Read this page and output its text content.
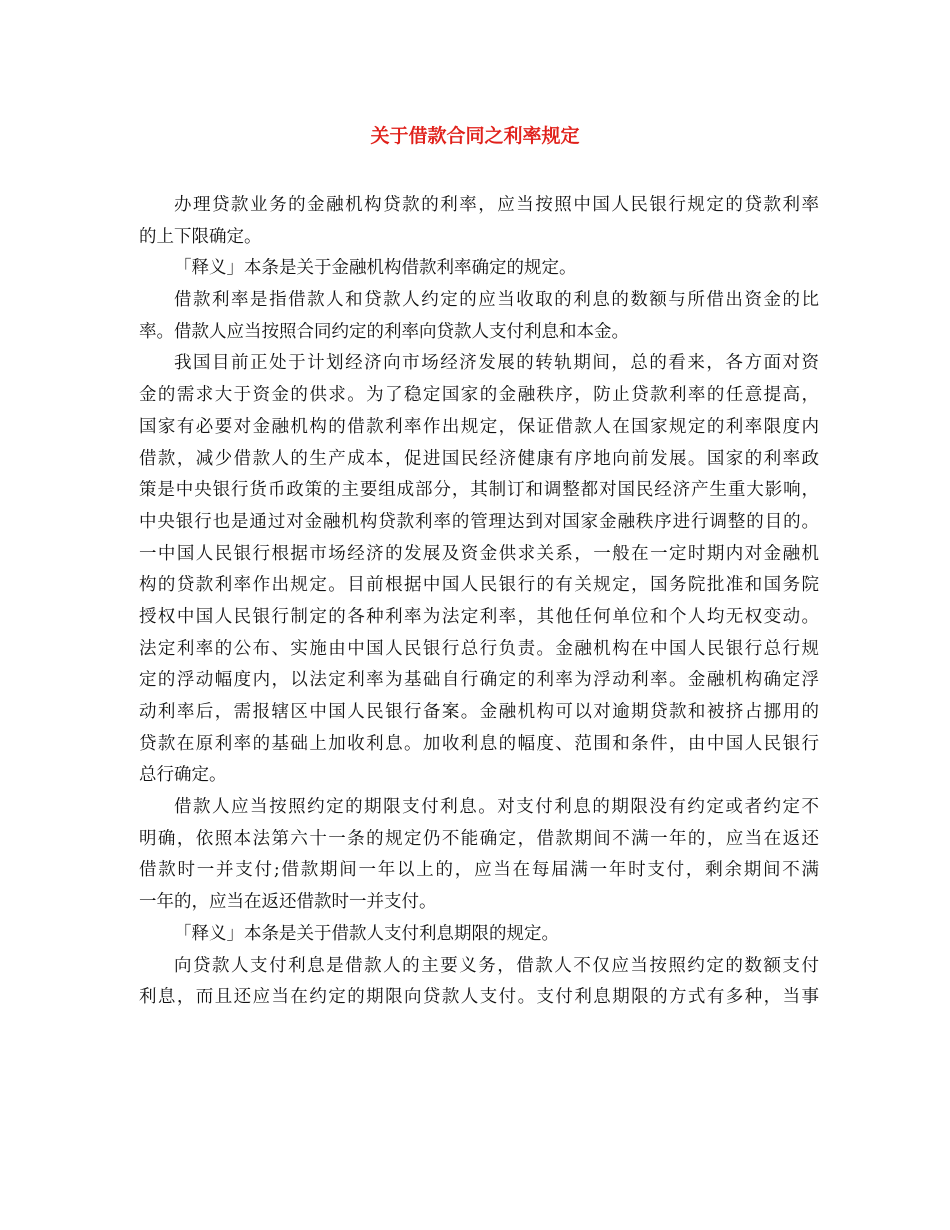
关于借款合同之利率规定
办理贷款业务的金融机构贷款的利率，应当按照中国人民银行规定的贷款利率
的上下限确定。
「释义」本条是关于金融机构借款利率确定的规定。
借款利率是指借款人和贷款人约定的应当收取的利息的数额与所借出资金的比
率。借款人应当按照合同约定的利率向贷款人支付利息和本金。
我国目前正处于计划经济向市场经济发展的转轨期间，总的看来，各方面对资
金的需求大于资金的供求。为了稳定国家的金融秩序，防止贷款利率的任意提高，
国家有必要对金融机构的借款利率作出规定，保证借款人在国家规定的利率限度内
借款，减少借款人的生产成本，促进国民经济健康有序地向前发展。国家的利率政
策是中央银行货币政策的主要组成部分，其制订和调整都对国民经济产生重大影响，
中央银行也是通过对金融机构贷款利率的管理达到对国家金融秩序进行调整的目的。
一中国人民银行根据市场经济的发展及资金供求关系，一般在一定时期内对金融机
构的贷款利率作出规定。目前根据中国人民银行的有关规定，国务院批准和国务院
授权中国人民银行制定的各种利率为法定利率，其他任何单位和个人均无权变动。
法定利率的公布、实施由中国人民银行总行负责。金融机构在中国人民银行总行规
定的浮动幅度内，以法定利率为基础自行确定的利率为浮动利率。金融机构确定浮
动利率后，需报辖区中国人民银行备案。金融机构可以对逾期贷款和被挤占挪用的
贷款在原利率的基础上加收利息。加收利息的幅度、范围和条件，由中国人民银行
总行确定。
借款人应当按照约定的期限支付利息。对支付利息的期限没有约定或者约定不
明确，依照本法第六十一条的规定仍不能确定，借款期间不满一年的，应当在返还
借款时一并支付;借款期间一年以上的，应当在每届满一年时支付，剩余期间不满
一年的，应当在返还借款时一并支付。
「释义」本条是关于借款人支付利息期限的规定。
向贷款人支付利息是借款人的主要义务，借款人不仅应当按照约定的数额支付
利息，而且还应当在约定的期限向贷款人支付。支付利息期限的方式有多种，当事
